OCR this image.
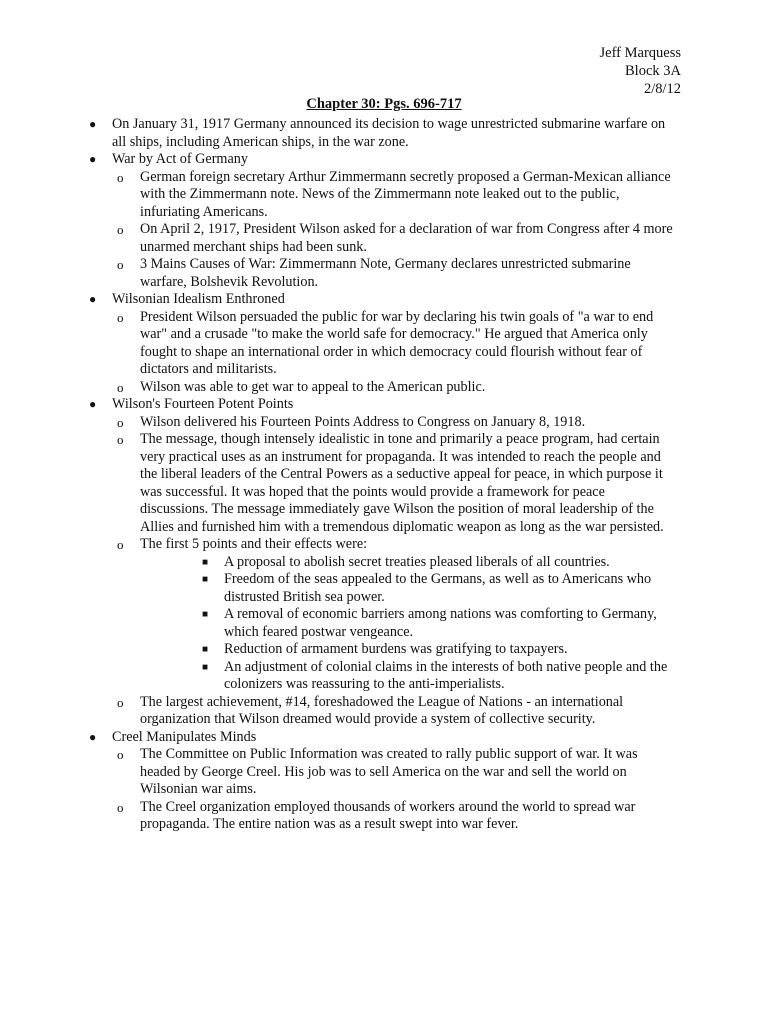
Jeff Marquess
Block 3A
2/8/12
Chapter 30: Pgs. 696-717
● On January 31, 1917 Germany announced its decision to wage unrestricted submarine warfare on all ships, including American ships, in the war zone.
● War by Act of Germany
o German foreign secretary Arthur Zimmermann secretly proposed a German-Mexican alliance with the Zimmermann note. News of the Zimmermann note leaked out to the public, infuriating Americans.
o On April 2, 1917, President Wilson asked for a declaration of war from Congress after 4 more unarmed merchant ships had been sunk.
o 3 Mains Causes of War: Zimmermann Note, Germany declares unrestricted submarine warfare, Bolshevik Revolution.
● Wilsonian Idealism Enthroned
o President Wilson persuaded the public for war by declaring his twin goals of "a war to end war" and a crusade "to make the world safe for democracy." He argued that America only fought to shape an international order in which democracy could flourish without fear of dictators and militarists.
o Wilson was able to get war to appeal to the American public.
● Wilson's Fourteen Potent Points
o Wilson delivered his Fourteen Points Address to Congress on January 8, 1918.
o The message, though intensely idealistic in tone and primarily a peace program, had certain very practical uses as an instrument for propaganda. It was intended to reach the people and the liberal leaders of the Central Powers as a seductive appeal for peace, in which purpose it was successful. It was hoped that the points would provide a framework for peace discussions. The message immediately gave Wilson the position of moral leadership of the Allies and furnished him with a tremendous diplomatic weapon as long as the war persisted.
o The first 5 points and their effects were:
■ A proposal to abolish secret treaties pleased liberals of all countries.
■ Freedom of the seas appealed to the Germans, as well as to Americans who distrusted British sea power.
■ A removal of economic barriers among nations was comforting to Germany, which feared postwar vengeance.
■ Reduction of armament burdens was gratifying to taxpayers.
■ An adjustment of colonial claims in the interests of both native people and the colonizers was reassuring to the anti-imperialists.
o The largest achievement, #14, foreshadowed the League of Nations - an international organization that Wilson dreamed would provide a system of collective security.
● Creel Manipulates Minds
o The Committee on Public Information was created to rally public support of war. It was headed by George Creel. His job was to sell America on the war and sell the world on Wilsonian war aims.
o The Creel organization employed thousands of workers around the world to spread war propaganda. The entire nation was as a result swept into war fever.
